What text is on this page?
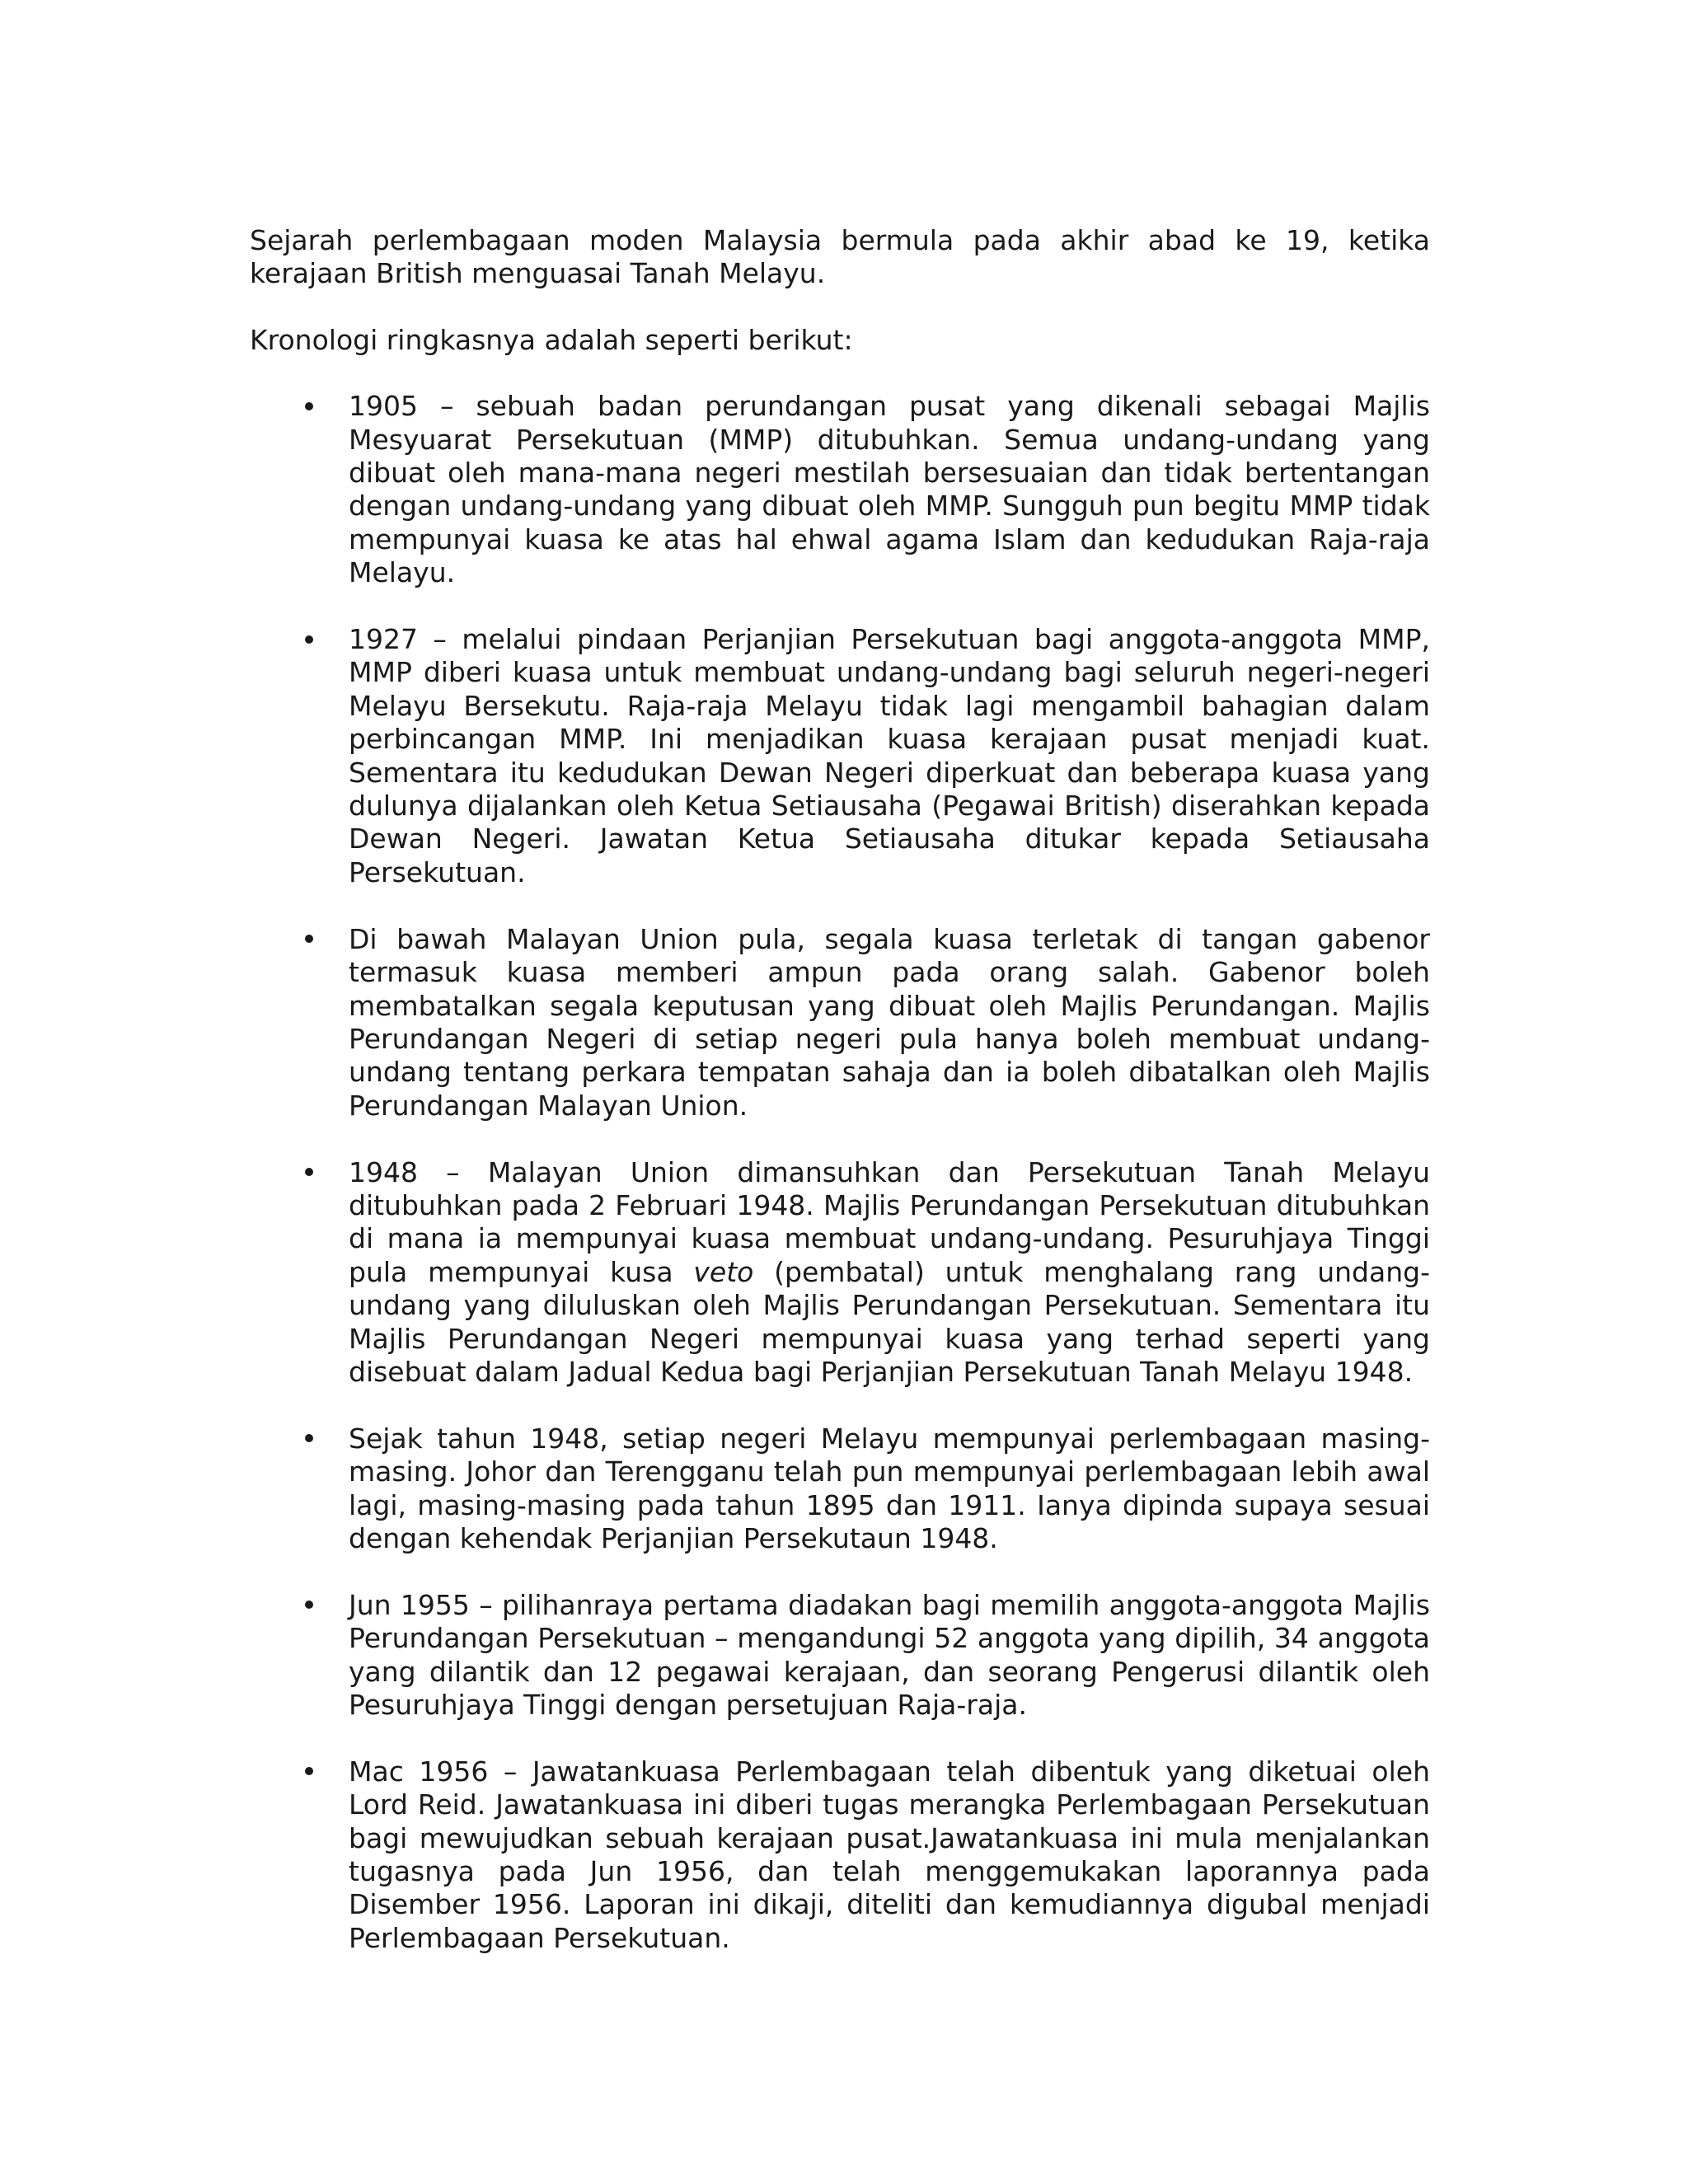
Sejarah perlembagaan moden Malaysia bermula pada akhir abad ke 19, ketika kerajaan British menguasai Tanah Melayu.

Kronologi ringkasnya adalah seperti berikut:

1905 – sebuah badan perundangan pusat yang dikenali sebagai Majlis Mesyuarat Persekutuan (MMP) ditubuhkan. Semua undang-undang yang dibuat oleh mana-mana negeri mestilah bersesuaian dan tidak bertentangan dengan undang-undang yang dibuat oleh MMP. Sungguh pun begitu MMP tidak mempunyai kuasa ke atas hal ehwal agama Islam dan kedudukan Raja-raja Melayu.
1927 – melalui pindaan Perjanjian Persekutuan bagi anggota-anggota MMP, MMP diberi kuasa untuk membuat undang-undang bagi seluruh negeri-negeri Melayu Bersekutu. Raja-raja Melayu tidak lagi mengambil bahagian dalam perbincangan MMP. Ini menjadikan kuasa kerajaan pusat menjadi kuat. Sementara itu kedudukan Dewan Negeri diperkuat dan beberapa kuasa yang dulunya dijalankan oleh Ketua Setiausaha (Pegawai British) diserahkan kepada Dewan Negeri. Jawatan Ketua Setiausaha ditukar kepada Setiausaha Persekutuan.
Di bawah Malayan Union pula, segala kuasa terletak di tangan gabenor termasuk kuasa memberi ampun pada orang salah. Gabenor boleh membatalkan segala keputusan yang dibuat oleh Majlis Perundangan. Majlis Perundangan Negeri di setiap negeri pula hanya boleh membuat undang-undang tentang perkara tempatan sahaja dan ia boleh dibatalkan oleh Majlis Perundangan Malayan Union.
1948 – Malayan Union dimansuhkan dan Persekutuan Tanah Melayu ditubuhkan pada 2 Februari 1948. Majlis Perundangan Persekutuan ditubuhkan di mana ia mempunyai kuasa membuat undang-undang. Pesuruhjaya Tinggi pula mempunyai kusa veto (pembatal) untuk menghalang rang undang-undang yang diluluskan oleh Majlis Perundangan Persekutuan. Sementara itu Majlis Perundangan Negeri mempunyai kuasa yang terhad seperti yang disebuat dalam Jadual Kedua bagi Perjanjian Persekutuan Tanah Melayu 1948.
Sejak tahun 1948, setiap negeri Melayu mempunyai perlembagaan masing-masing. Johor dan Terengganu telah pun mempunyai perlembagaan lebih awal lagi, masing-masing pada tahun 1895 dan 1911. Ianya dipinda supaya sesuai dengan kehendak Perjanjian Persekutaun 1948.
Jun 1955 – pilihanraya pertama diadakan bagi memilih anggota-anggota Majlis Perundangan Persekutuan – mengandungi 52 anggota yang dipilih, 34 anggota yang dilantik dan 12 pegawai kerajaan, dan seorang Pengerusi dilantik oleh Pesuruhjaya Tinggi dengan persetujuan Raja-raja.
Mac 1956 – Jawatankuasa Perlembagaan telah dibentuk yang diketuai oleh Lord Reid. Jawatankuasa ini diberi tugas merangka Perlembagaan Persekutuan bagi mewujudkan sebuah kerajaan pusat.Jawatankuasa ini mula menjalankan tugasnya pada Jun 1956, dan telah menggemukakan laporannya pada Disember 1956. Laporan ini dikaji, diteliti dan kemudiannya digubal menjadi Perlembagaan Persekutuan.
